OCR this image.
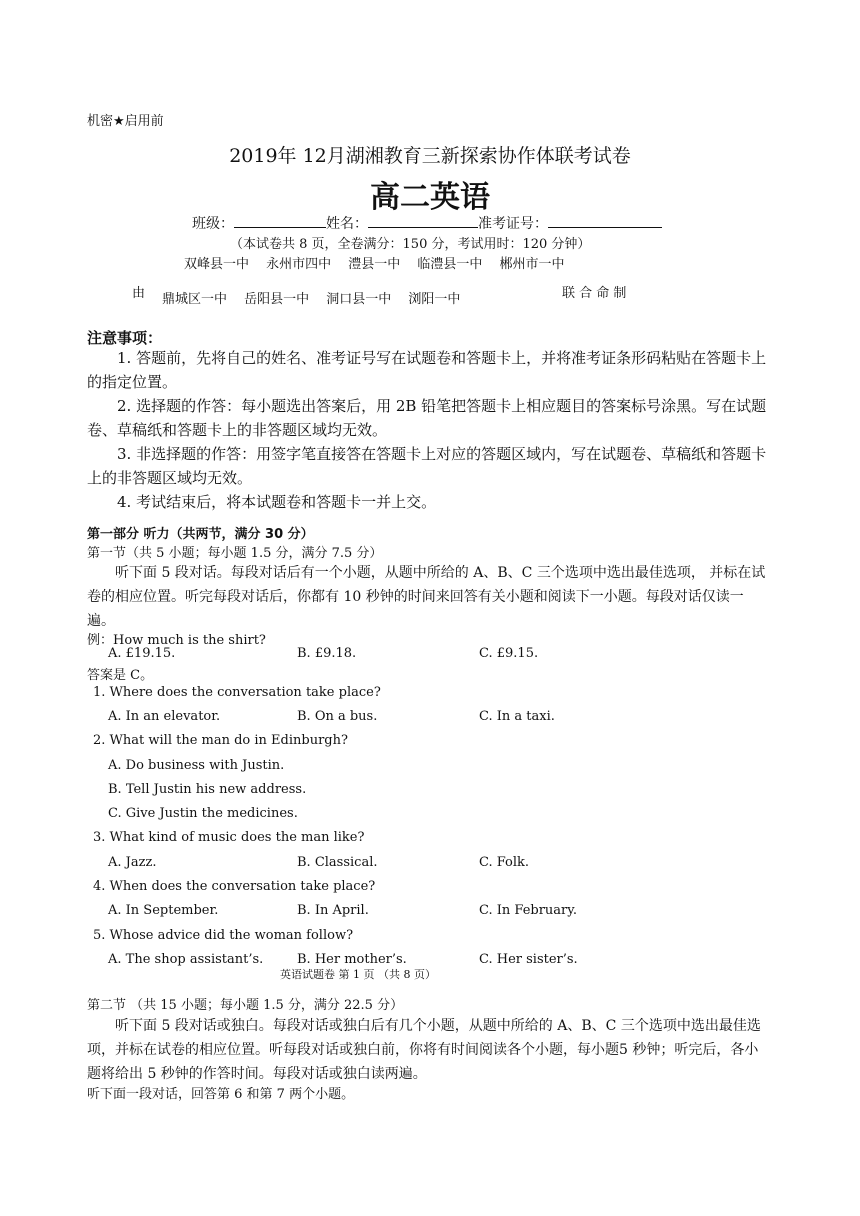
机密★启用前
2019年 12月湖湘教育三新探索协作体联考试卷
高二英语
班级：	姓名：	准考证号：
（本试卷共 8 页，全卷满分：150 分，考试用时：120 分钟）
双峰县一中　 永州市四中　 澧县一中　 临澧县一中　 郴州市一中
由 鼎城区一中　 岳阳县一中　 洞口县一中　 浏阳一中	联 合 命 制
注意事项：

1. 答题前，先将自己的姓名、准考证号写在试题卷和答题卡上，并将准考证条形码粘贴在答题卡上的指定位置。

2. 选择题的作答：每小题选出答案后，用 2B 铅笔把答题卡上相应题目的答案标号涂黑。写在试题卷、草稿纸和答题卡上的非答题区域均无效。

3. 非选择题的作答：用签字笔直接答在答题卡上对应的答题区域内，写在试题卷、草稿纸和答题卡上的非答题区域均无效。

4. 考试结束后，将本试题卷和答题卡一并上交。

第一部分 听力（共两节，满分 30 分）
第一节（共 5 小题；每小题 1.5 分，满分 7.5 分）

听下面 5 段对话。每段对话后有一个小题，从题中所给的 A、B、C 三个选项中选出最佳选项， 并标在试卷的相应位置。听完每段对话后，你都有 10 秒钟的时间来回答有关小题和阅读下一小题。每段对话仅读一遍。

例：How much is the shirt?
A. £19.15.	B. £9.18.	C. £9.15.
答案是 C。
1. Where does the conversation take place?
A. In an elevator.	B. On a bus.	C. In a taxi.
2. What will the man do in Edinburgh?
A. Do business with Justin.
B. Tell Justin his new address.
C. Give Justin the medicines.
3. What kind of music does the man like?
A. Jazz.	B. Classical.	C. Folk.
4. When does the conversation take place?
A. In September.	B. In April.	C. In February.
5. Whose advice did the woman follow?
A. The shop assistant’s.	B. Her mother’s.	C. Her sister’s.
英语试题卷 第 1 页 （共 8 页）
第二节 （共 15 小题；每小题 1.5 分，满分 22.5 分）

听下面 5 段对话或独白。每段对话或独白后有几个小题，从题中所给的 A、B、C 三个选项中选出最佳选项，并标在试卷的相应位置。听每段对话或独白前，你将有时间阅读各个小题，每小题5 秒钟；听完后，各小题将给出 5 秒钟的作答时间。每段对话或独白读两遍。

听下面一段对话，回答第 6 和第 7 两个小题。
